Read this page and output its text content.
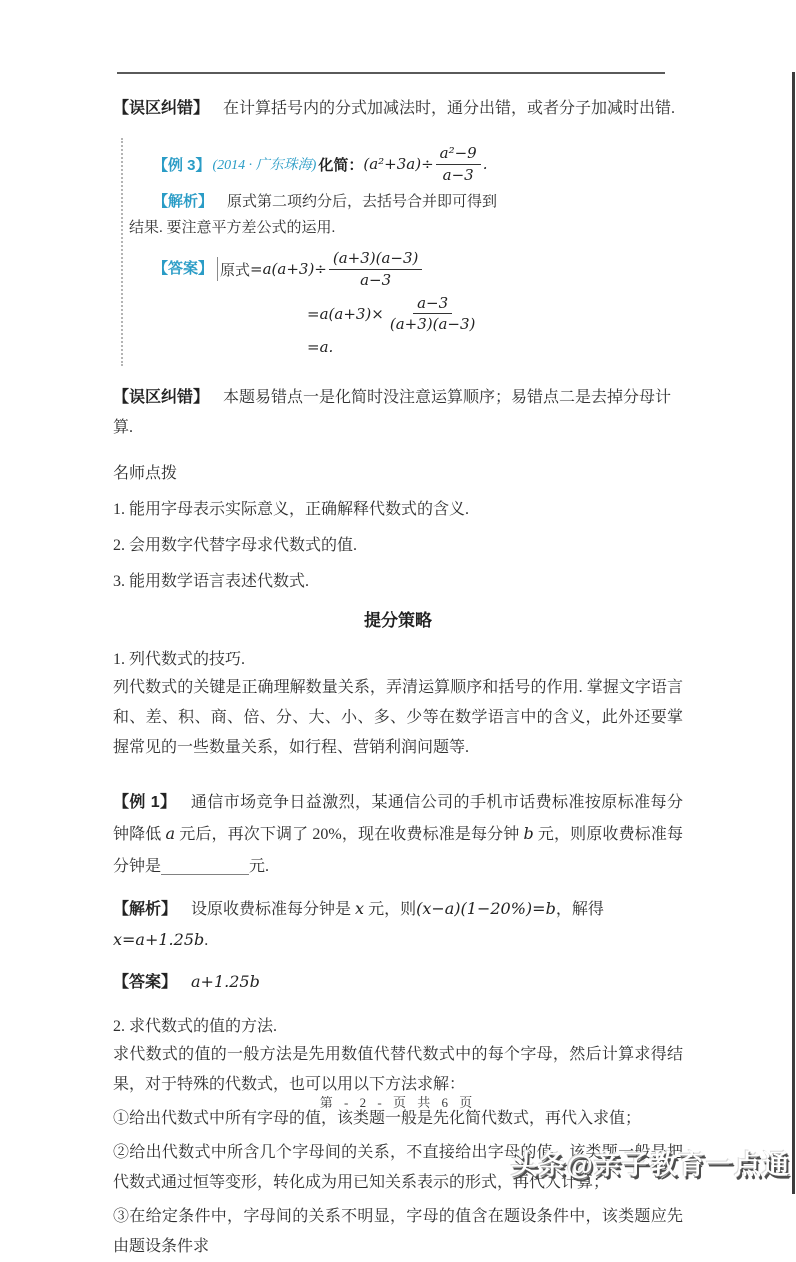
【误区纠错】 在计算括号内的分式加减法时，通分出错，或者分子加减时出错.

【例 3】 (2014 · 广东珠海) 化简： $(a^2+3a)\div \frac{\text{a²−9}}{a-3}$ .

【解析】 原式第二项约分后，去括号合并即可得到结果. 要注意平方差公式的运用.

【答案】 原式 $=a(a+3)\div \frac{(a+3)(a-3)}{a-3}$
$=a(a+3)\times \frac{a-3}{(a+3)(a-3)}$
=a.

【误区纠错】 本题易错点一是化简时没注意运算顺序；易错点二是去掉分母计算.

名师点拨

1. 能用字母表示实际意义，正确解释代数式的含义.

2. 会用数字代替字母求代数式的值.

3. 能用数学语言表述代数式.

提分策略

1. 列代数式的技巧.

列代数式的关键是正确理解数量关系，弄清运算顺序和括号的作用. 掌握文字语言和、差、积、商、倍、分、大、小、多、少等在数学语言中的含义，此外还要掌握常见的一些数量关系，如行程、营销利润问题等.

【例 1】 通信市场竞争日益激烈，某通信公司的手机市话费标准按原标准每分钟降低 a 元后，再次下调了 20%，现在收费标准是每分钟 b 元，则原收费标准每分钟是___________元.

【解析】 设原收费标准每分钟是 x 元，则(x−a)(1−20%)=b，解得 x=a+1.25b.

【答案】 a+1.25b

2. 求代数式的值的方法.

求代数式的值的一般方法是先用数值代替代数式中的每个字母，然后计算求得结果，对于特殊的代数式，也可以用以下方法求解：

①给出代数式中所有字母的值，该类题一般是先化简代数式，再代入求值；

②给出代数式中所含几个字母间的关系，不直接给出字母的值，该类题一般是把代数式通过恒等变形，转化成为用已知关系表示的形式，再代人计算；

③在给定条件中，字母间的关系不明显，字母的值含在题设条件中，该类题应先由题设条件求

第 - 2 - 页 共 6 页
头条@亲子教育一点通
